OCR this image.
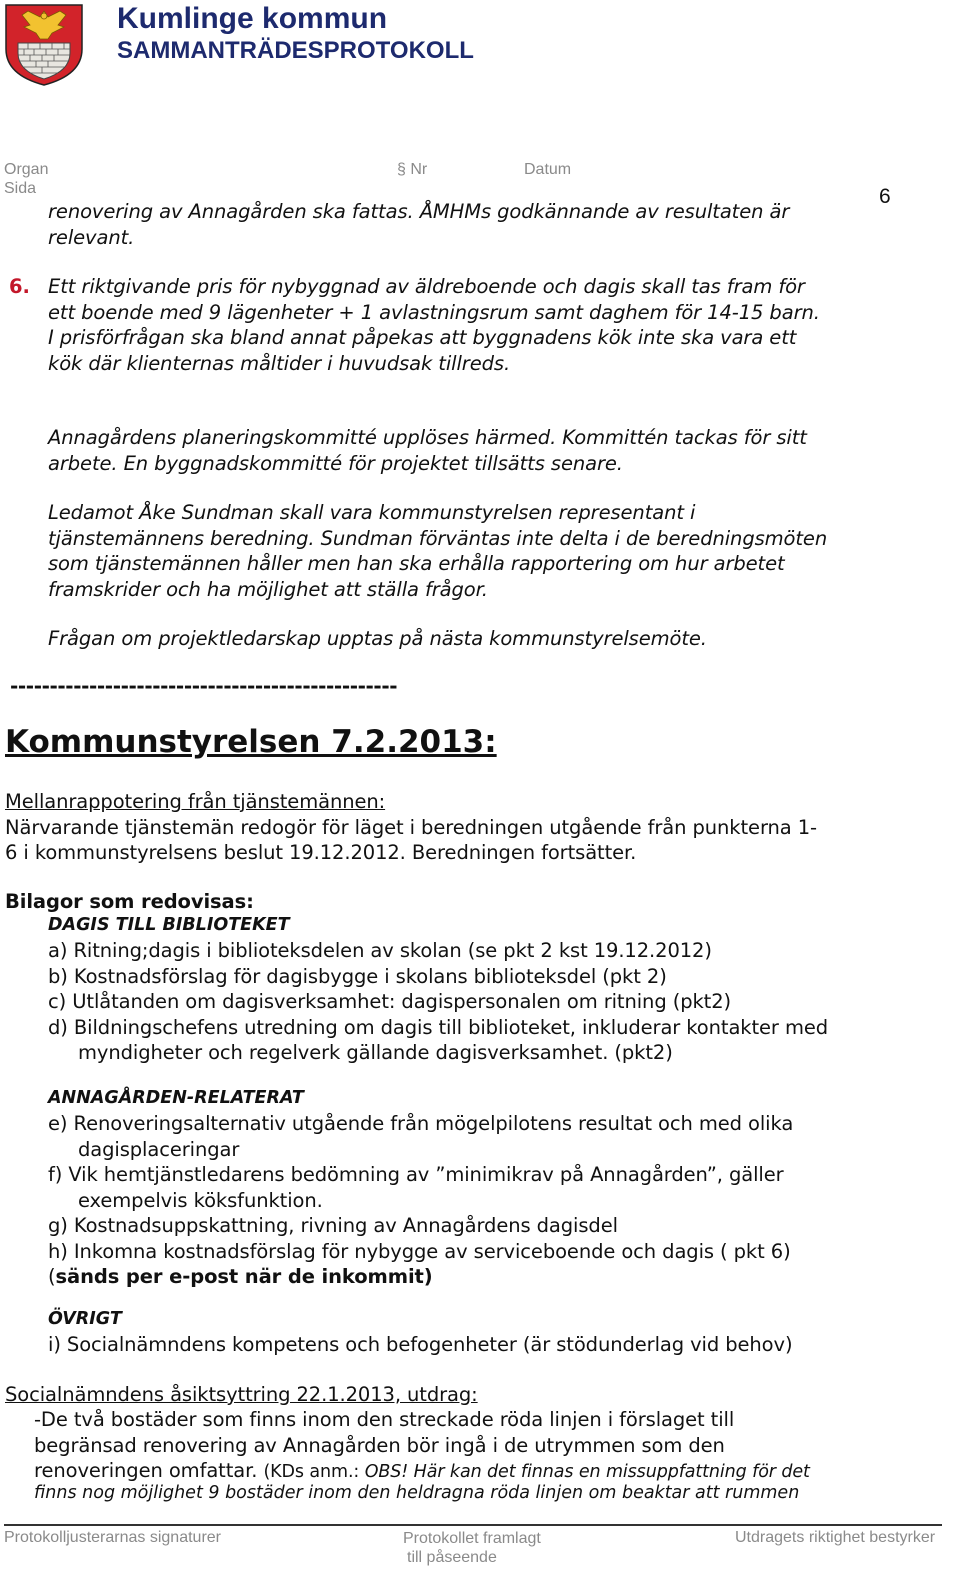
Kumlinge kommun
SAMMANTRÄDESPROTOKOLL
Organ	§ Nr	Datum
Sida	6
renovering av Annagården ska fattas. ÅMHMs godkännande av resultaten är
relevant.
6. Ett riktgivande pris för nybyggnad av äldreboende och dagis skall tas fram för
ett boende med 9 lägenheter + 1 avlastningsrum samt daghem för 14-15 barn.
I prisförfrågan ska bland annat påpekas att byggnadens kök inte ska vara ett
kök där klienternas måltider i huvudsak tillreds.
Annagårdens planeringskommitté upplöses härmed. Kommittén tackas för sitt
arbete. En byggnadskommitté för projektet tillsätts senare.
Ledamot Åke Sundman skall vara kommunstyrelsen representant i
tjänstemännens beredning. Sundman förväntas inte delta i de beredningsmöten
som tjänstemännen håller men han ska erhålla rapportering om hur arbetet
framskrider och ha möjlighet att ställa frågor.
Frågan om projektledarskap upptas på nästa kommunstyrelsemöte.
-------------------------------------------------
Kommunstyrelsen 7.2.2013:
Mellanrappotering från tjänstemännen:
Närvarande tjänstemän redogör för läget i beredningen utgående från punkterna 1-
6 i kommunstyrelsens beslut 19.12.2012. Beredningen fortsätter.
Bilagor som redovisas:
DAGIS TILL BIBLIOTEKET
a) Ritning;dagis i biblioteksdelen av skolan (se pkt 2 kst 19.12.2012)
b) Kostnadsförslag för dagisbygge i skolans biblioteksdel (pkt 2)
c) Utlåtanden om dagisverksamhet: dagispersonalen om ritning (pkt2)
d) Bildningschefens utredning om dagis till biblioteket, inkluderar kontakter med
myndigheter och regelverk gällande dagisverksamhet. (pkt2)
ANNAGÅRDEN-RELATERAT
e) Renoveringsalternativ utgående från mögelpilotens resultat och med olika
dagisplaceringar
f) Vik hemtjänstledarens bedömning av ”minimikrav på Annagården”, gäller
exempelvis köksfunktion.
g) Kostnadsuppskattning, rivning av Annagårdens dagisdel
h) Inkomna kostnadsförslag för nybygge av serviceboende och dagis ( pkt 6)
(sänds per e-post när de inkommit)
ÖVRIGT
i) Socialnämndens kompetens och befogenheter (är stödunderlag vid behov)
Socialnämndens åsiktsyttring 22.1.2013, utdrag:
-De två bostäder som finns inom den streckade röda linjen i förslaget till
begränsad renovering av Annagården bör ingå i de utrymmen som den
renoveringen omfattar. (KDs anm.: OBS! Här kan det finnas en missuppfattning för det
finns nog möjlighet 9 bostäder inom den heldragna röda linjen om beaktar att rummen
Protokolljusterarnas signaturer	Protokollet framlagt
till påseende
Utdragets riktighet bestyrker
